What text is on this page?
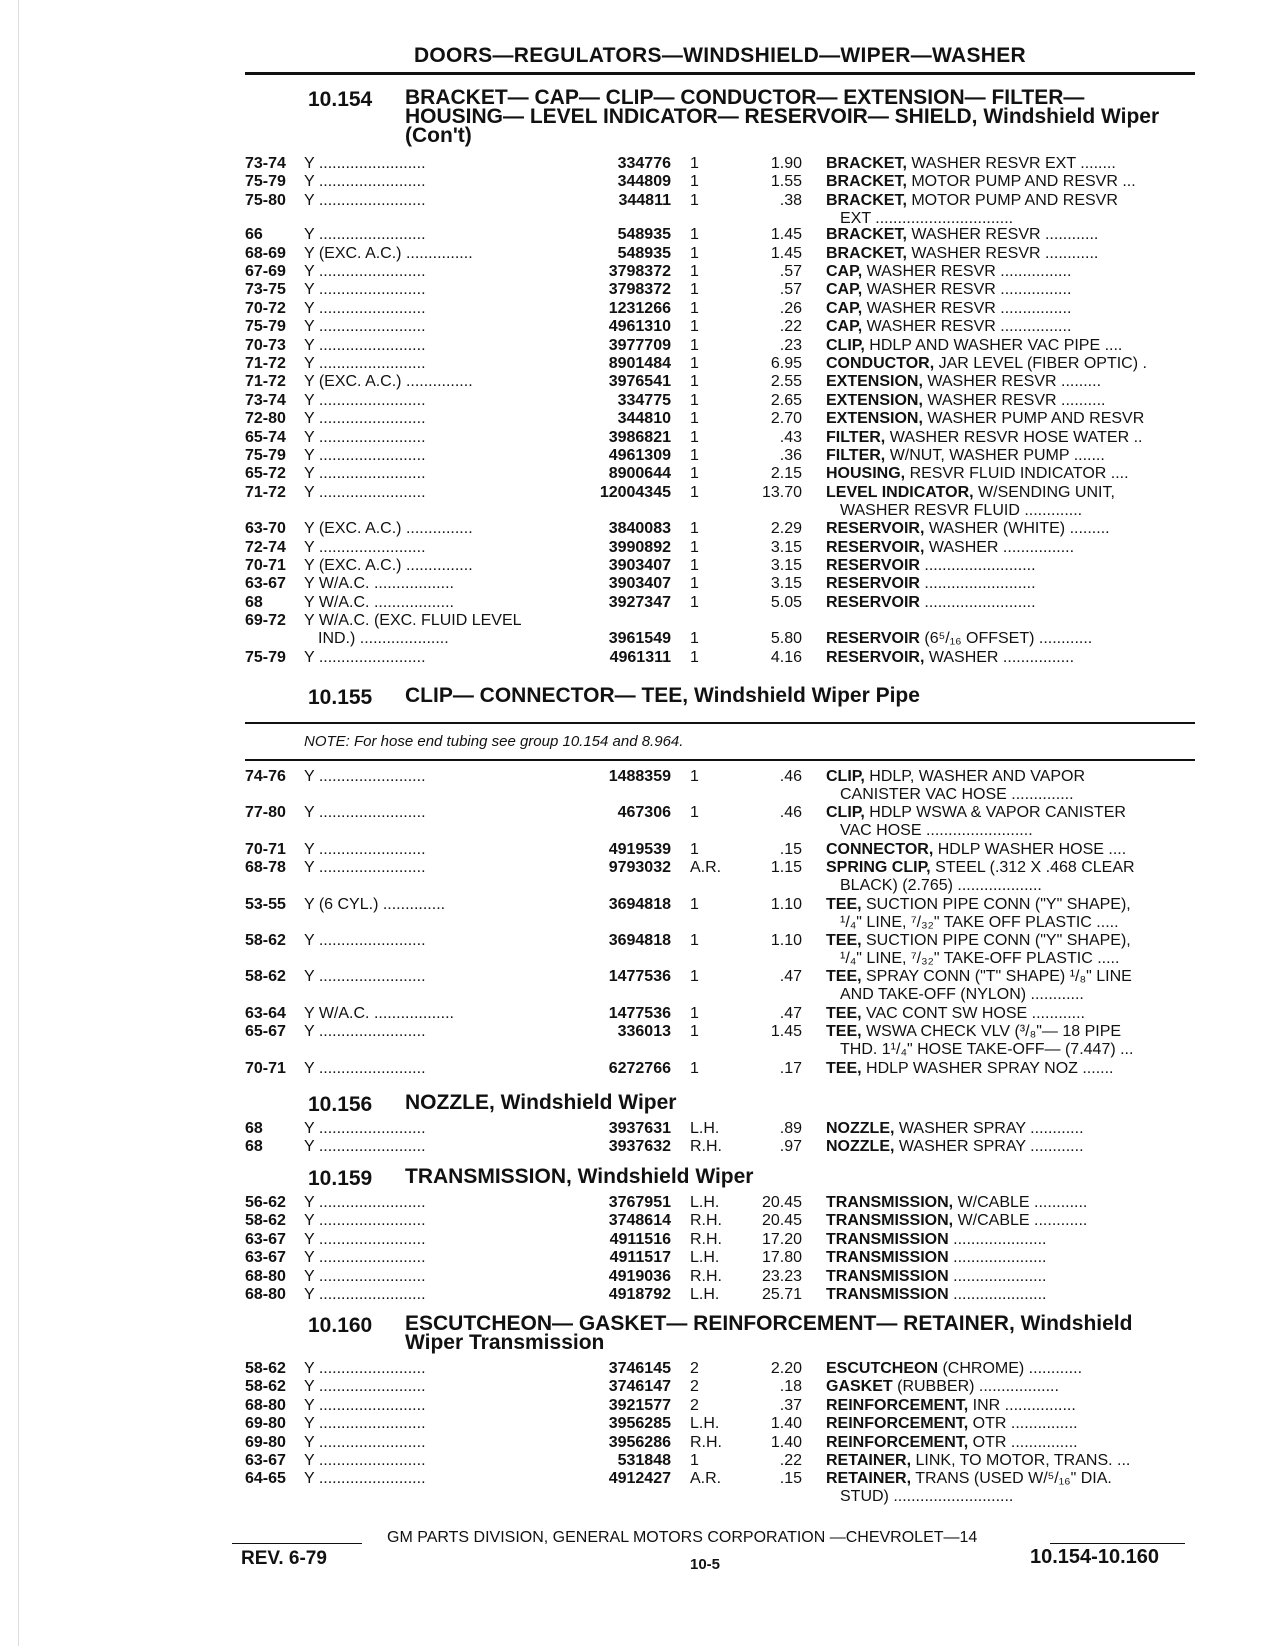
DOORS—REGULATORS—WINDSHIELD—WIPER—WASHER
10.154 BRACKET— CAP— CLIP— CONDUCTOR— EXTENSION— FILTER— HOUSING— LEVEL INDICATOR— RESERVOIR— SHIELD, Windshield Wiper (Con't)
73-74 Y ........................	334776 1	1.90 BRACKET, WASHER RESVR EXT ........
75-79 Y ........................	344809 1	1.55 BRACKET, MOTOR PUMP AND RESVR ...
75-80 Y ........................	344811 1	.38 BRACKET, MOTOR PUMP AND RESVR
EXT ...............................
66	Y ........................	548935 1	1.45 BRACKET, WASHER RESVR ............
68-69 Y (EXC. A.C.) ...............	548935 1	1.45 BRACKET, WASHER RESVR ............
67-69 Y ........................	3798372 1	.57 CAP, WASHER RESVR ................
73-75 Y ........................	3798372 1	.57 CAP, WASHER RESVR ................
70-72 Y ........................	1231266 1	.26 CAP, WASHER RESVR ................
75-79 Y ........................	4961310 1	.22 CAP, WASHER RESVR ................
70-73 Y ........................	3977709 1	.23 CLIP, HDLP AND WASHER VAC PIPE ....
71-72 Y ........................	8901484 1	6.95 CONDUCTOR, JAR LEVEL (FIBER OPTIC) .
71-72 Y (EXC. A.C.) ...............	3976541 1	2.55 EXTENSION, WASHER RESVR .........
73-74 Y ........................	334775 1	2.65 EXTENSION, WASHER RESVR ..........
72-80 Y ........................	344810 1	2.70 EXTENSION, WASHER PUMP AND RESVR
65-74 Y ........................	3986821 1	.43 FILTER, WASHER RESVR HOSE WATER ..
75-79 Y ........................	4961309 1	.36 FILTER, W/NUT, WASHER PUMP .......
65-72 Y ........................	8900644 1	2.15 HOUSING, RESVR FLUID INDICATOR ....
71-72 Y ........................	12004345 1	13.70 LEVEL INDICATOR, W/SENDING UNIT,
WASHER RESVR FLUID .............
63-70 Y (EXC. A.C.) ...............	3840083 1	2.29 RESERVOIR, WASHER (WHITE) .........
72-74 Y ........................	3990892 1	3.15 RESERVOIR, WASHER ................
70-71 Y (EXC. A.C.) ...............	3903407 1	3.15 RESERVOIR .........................
63-67 Y W/A.C. ..................	3903407 1	3.15 RESERVOIR .........................
68	Y W/A.C. ..................	3927347 1	5.05 RESERVOIR .........................
69-72 Y W/A.C. (EXC. FLUID LEVEL
IND.) ....................	3961549 1	5.80 RESERVOIR (6⁵/₁₆ OFFSET) ............
75-79 Y ........................	4961311 1	4.16 RESERVOIR, WASHER ................
10.155 CLIP— CONNECTOR— TEE, Windshield Wiper Pipe
NOTE: For hose end tubing see group 10.154 and 8.964.
74-76 Y ........................	1488359 1	.46 CLIP, HDLP, WASHER AND VAPOR
CANISTER VAC HOSE ..............
77-80 Y ........................	467306 1	.46 CLIP, HDLP WSWA & VAPOR CANISTER
VAC HOSE ........................
70-71 Y ........................	4919539 1	.15 CONNECTOR, HDLP WASHER HOSE ....
68-78 Y ........................	9793032 A.R.	1.15 SPRING CLIP, STEEL (.312 X .468 CLEAR
BLACK) (2.765) ...................
53-55 Y (6 CYL.) ..............	3694818 1	1.10 TEE, SUCTION PIPE CONN ("Y" SHAPE),
¹/₄" LINE, ⁷/₃₂" TAKE OFF PLASTIC .....
58-62 Y ........................	3694818 1	1.10 TEE, SUCTION PIPE CONN ("Y" SHAPE),
¹/₄" LINE, ⁷/₃₂" TAKE-OFF PLASTIC .....
58-62 Y ........................	1477536 1	.47 TEE, SPRAY CONN ("T" SHAPE) ¹/₈" LINE
AND TAKE-OFF (NYLON) ............
63-64 Y W/A.C. ..................	1477536 1	.47 TEE, VAC CONT SW HOSE ............
65-67 Y ........................	336013 1	1.45 TEE, WSWA CHECK VLV (³/₈"— 18 PIPE
THD. 1¹/₄" HOSE TAKE-OFF— (7.447) ...
70-71 Y ........................	6272766 1	.17 TEE, HDLP WASHER SPRAY NOZ .......
10.156 NOZZLE, Windshield Wiper
68	Y ........................	3937631 L.H.	.89 NOZZLE, WASHER SPRAY ............
68	Y ........................	3937632 R.H.	.97 NOZZLE, WASHER SPRAY ............
10.159 TRANSMISSION, Windshield Wiper
56-62 Y ........................	3767951 L.H.	20.45 TRANSMISSION, W/CABLE ............
58-62 Y ........................	3748614 R.H.	20.45 TRANSMISSION, W/CABLE ............
63-67 Y ........................	4911516 R.H.	17.20 TRANSMISSION .....................
63-67 Y ........................	4911517 L.H.	17.80 TRANSMISSION .....................
68-80 Y ........................	4919036 R.H.	23.23 TRANSMISSION .....................
68-80 Y ........................	4918792 L.H.	25.71 TRANSMISSION .....................
10.160 ESCUTCHEON— GASKET— REINFORCEMENT— RETAINER, Windshield Wiper Transmission
58-62 Y ........................	3746145 2	2.20 ESCUTCHEON (CHROME) ............
58-62 Y ........................	3746147 2	.18 GASKET (RUBBER) ..................
68-80 Y ........................	3921577 2	.37 REINFORCEMENT, INR ................
69-80 Y ........................	3956285 L.H.	1.40 REINFORCEMENT, OTR ...............
69-80 Y ........................	3956286 R.H.	1.40 REINFORCEMENT, OTR ...............
63-67 Y ........................	531848 1	.22 RETAINER, LINK, TO MOTOR, TRANS. ...
64-65 Y ........................	4912427 A.R.	.15 RETAINER, TRANS (USED W/⁵/₁₆" DIA.
STUD) ...........................
GM PARTS DIVISION, GENERAL MOTORS CORPORATION —CHEVROLET—14
REV. 6-79	10-5	10.154-10.160
